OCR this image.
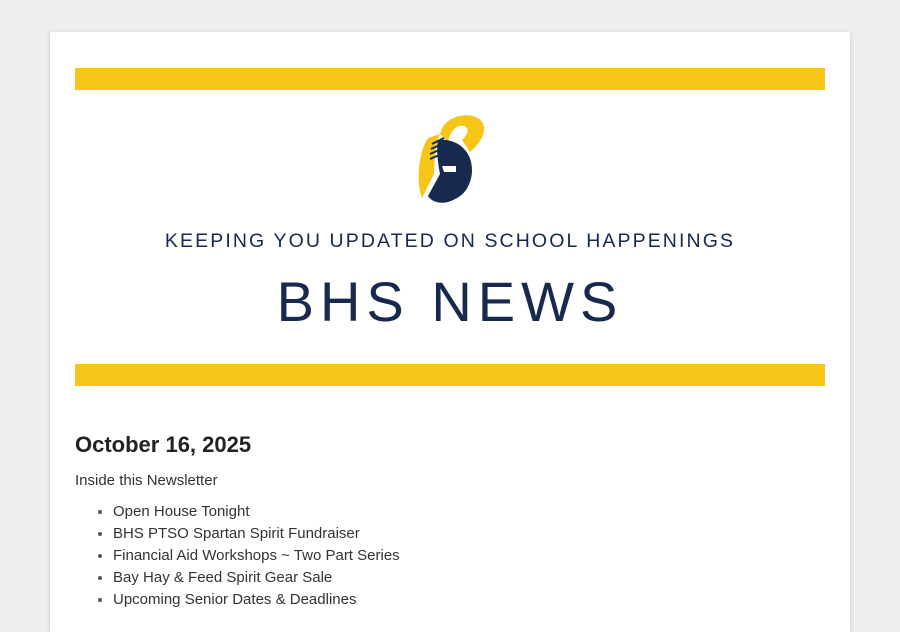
KEEPING YOU UPDATED ON SCHOOL HAPPENINGS
BHS NEWS
October 16, 2025

Inside this Newsletter

• Open House Tonight
• BHS PTSO Spartan Spirit Fundraiser
• Financial Aid Workshops ~ Two Part Series
• Bay Hay & Feed Spirit Gear Sale
• Upcoming Senior Dates & Deadlines
